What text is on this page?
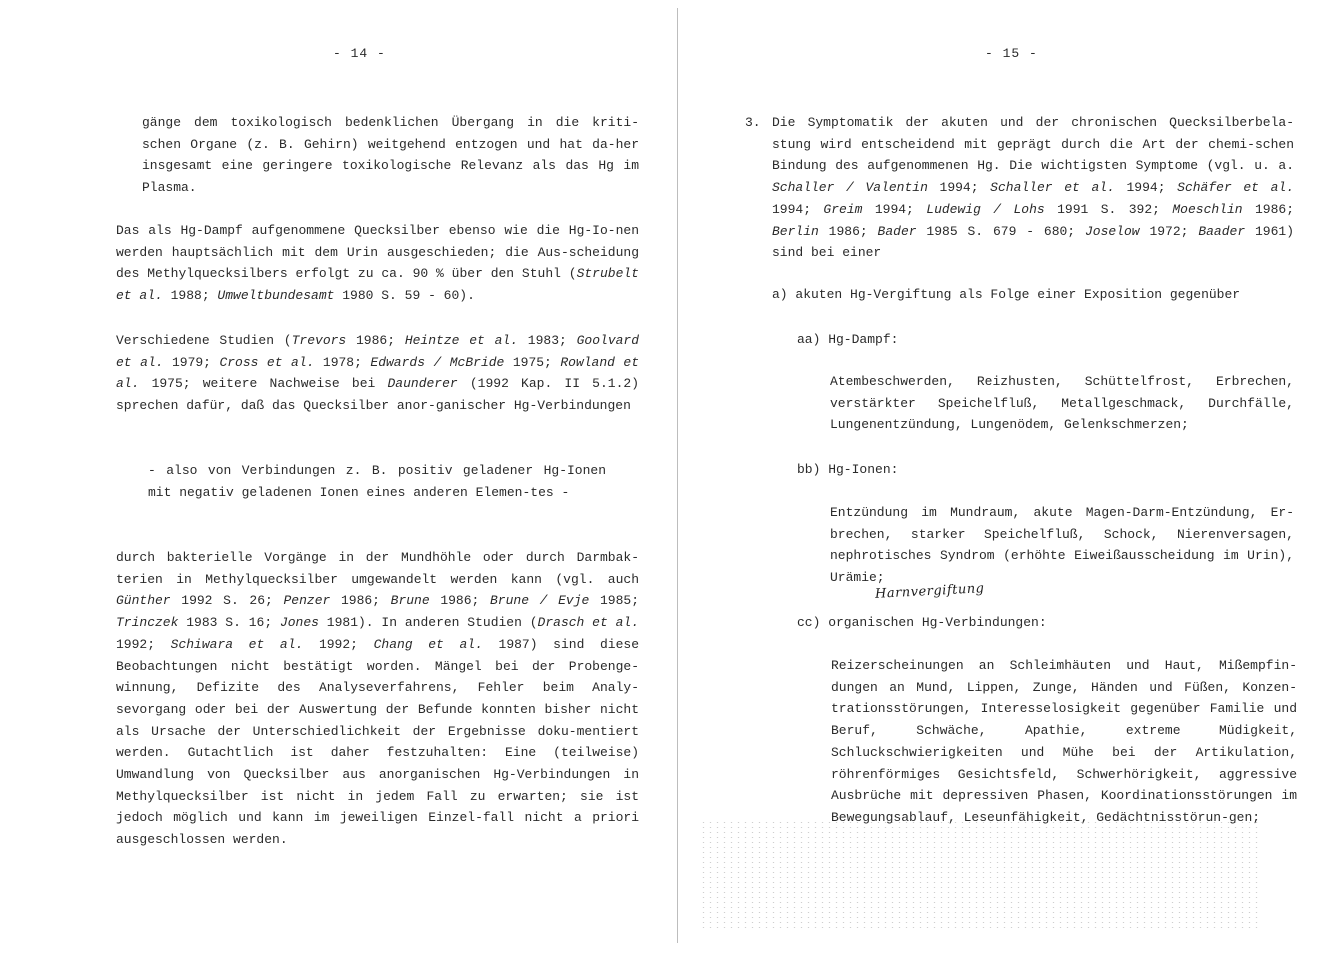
- 14 -

gänge dem toxikologisch bedenklichen Übergang in die kriti-schen Organe (z. B. Gehirn) weitgehend entzogen und hat da-her insgesamt eine geringere toxikologische Relevanz als das Hg im Plasma.

Das als Hg-Dampf aufgenommene Quecksilber ebenso wie die Hg-Io-nen werden hauptsächlich mit dem Urin ausgeschieden; die Aus-scheidung des Methylquecksilbers erfolgt zu ca. 90 % über den Stuhl (Strubelt et al. 1988; Umweltbundesamt 1980 S. 59 - 60).

Verschiedene Studien (Trevors 1986; Heintze et al. 1983; Goolvard et al. 1979; Cross et al. 1978; Edwards / McBride 1975; Rowland et al. 1975; weitere Nachweise bei Daunderer (1992 Kap. II 5.1.2) sprechen dafür, daß das Quecksilber anor-ganischer Hg-Verbindungen

- also von Verbindungen z. B. positiv geladener Hg-Ionen mit negativ geladenen Ionen eines anderen Elemen-tes -

durch bakterielle Vorgänge in der Mundhöhle oder durch Darmbak-terien in Methylquecksilber umgewandelt werden kann (vgl. auch Günther 1992 S. 26; Penzer 1986; Brune 1986; Brune / Evje 1985; Trinczek 1983 S. 16; Jones 1981). In anderen Studien (Drasch et al. 1992; Schiwara et al. 1992; Chang et al. 1987) sind diese Beobachtungen nicht bestätigt worden. Mängel bei der Probenge-winnung, Defizite des Analyseverfahrens, Fehler beim Analy-sevorgang oder bei der Auswertung der Befunde konnten bisher nicht als Ursache der Unterschiedlichkeit der Ergebnisse doku-mentiert werden. Gutachtlich ist daher festzuhalten: Eine (teilweise) Umwandlung von Quecksilber aus anorganischen Hg-Verbindungen in Methylquecksilber ist nicht in jedem Fall zu erwarten; sie ist jedoch möglich und kann im jeweiligen Einzel-fall nicht a priori ausgeschlossen werden.

- 15 -
3. Die Symptomatik der akuten und der chronischen Quecksilberbela-stung wird entscheidend mit geprägt durch die Art der chemi-schen Bindung des aufgenommenen Hg. Die wichtigsten Symptome (vgl. u. a. Schaller / Valentin 1994; Schaller et al. 1994; Schäfer et al. 1994; Greim 1994; Ludewig / Lohs 1991 S. 392; Moeschlin 1986; Berlin 1986; Bader 1985 S. 679 - 680; Joselow 1972; Baader 1961) sind bei einer

a) akuten Hg-Vergiftung als Folge einer Exposition gegenüber
aa) Hg-Dampf:

Atembeschwerden, Reizhusten, Schüttelfrost, Erbrechen, verstärkter Speichelfluß, Metallgeschmack, Durchfälle, Lungenentzündung, Lungenödem, Gelenkschmerzen;

bb) Hg-Ionen:

Entzündung im Mundraum, akute Magen-Darm-Entzündung, Er-brechen, starker Speichelfluß, Schock, Nierenversagen, nephrotisches Syndrom (erhöhte Eiweißausscheidung im Urin), Urämie;

Harnvergiftung
cc) organischen Hg-Verbindungen:

Reizerscheinungen an Schleimhäuten und Haut, Mißempfin-dungen an Mund, Lippen, Zunge, Händen und Füßen, Konzen-trationsstörungen, Interesselosigkeit gegenüber Familie und Beruf, Schwäche, Apathie, extreme Müdigkeit, Schluckschwierigkeiten und Mühe bei der Artikulation, röhrenförmiges Gesichtsfeld, Schwerhörigkeit, aggressive Ausbrüche mit depressiven Phasen, Koordinationsstörungen im Bewegungsablauf, Leseunfähigkeit, Gedächtnisstörun-gen;
